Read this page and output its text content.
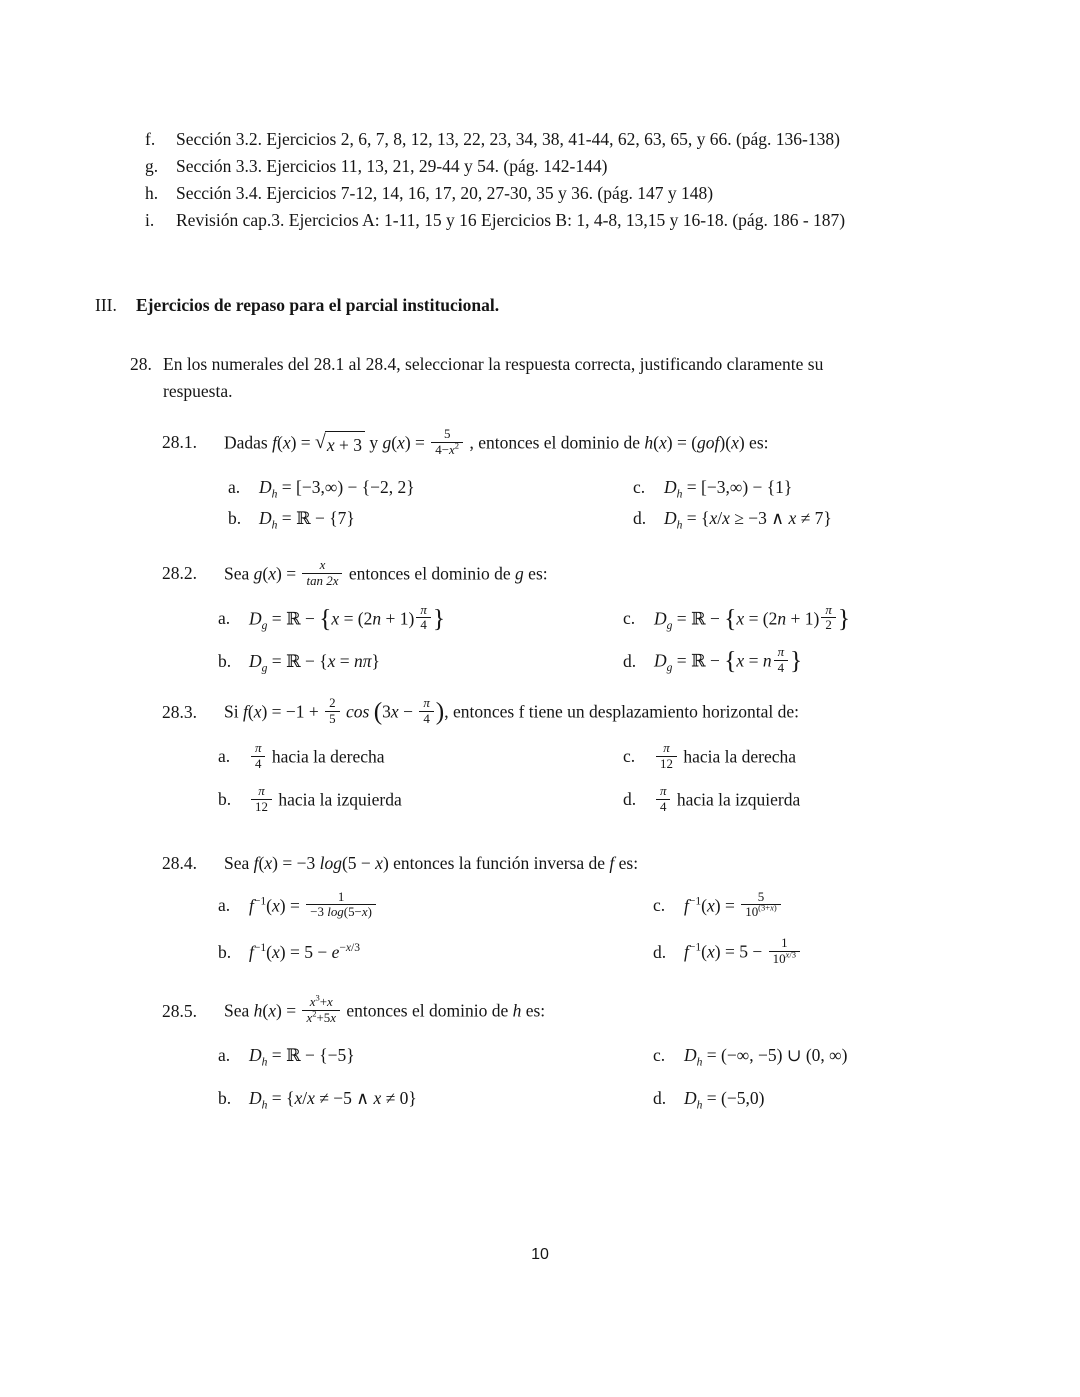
f.	Sección 3.2. Ejercicios 2, 6, 7, 8, 12, 13, 22, 23, 34, 38, 41-44, 62, 63, 65, y 66. (pág. 136-138)
g.	Sección 3.3. Ejercicios 11, 13, 21, 29-44 y 54. (pág. 142-144)
h.	Sección 3.4. Ejercicios 7-12, 14, 16, 17, 20, 27-30, 35 y 36. (pág. 147 y 148)
i.	Revisión cap.3. Ejercicios A: 1-11, 15 y 16 Ejercicios B: 1, 4-8, 13,15 y 16-18. (pág. 186 - 187)
III.	Ejercicios de repaso para el parcial institucional.
28. En los numerales del 28.1 al 28.4, seleccionar la respuesta correcta, justificando claramente su
respuesta.
28.1.	Dadas f(x) = √ x + 3 y $g(x) = \frac{5}{4-x^2}$ , entonces el dominio de h(x) = (gof)(x) es:
a.	$D_h = [-3,\infty) - \{-2$, 2}	c.	$D_h = [-3,\infty) - \{1\}$
b.	$D_h$ = ℝ − {7}	d.	$D_h = \{x/x \ge -3$ ∧ x ≠ 7}
28.2.	Sea $g(x) = \frac{x}{\tan 2x}$ entonces el dominio de g es:
a.	$D_g$ = ℝ − {$x = (2n + 1) \frac{\pi}{4}$ }	c.	$D_g$ = ℝ − {$x = (2n + 1) \frac{\pi}{2}$ }
b.	$D_g$ = ℝ − {x = nπ}	d.	$D_g$ = ℝ − {x = n $\frac{\pi}{4}$ }
28.3.	Si $f(x) = -1 + \frac{2}{5}$ $\cos (3x - \frac{\pi}{4}$ ), entonces f tiene un desplazamiento horizontal de:
a.	$\frac{\pi}{4}$ hacia la derecha	c.	$\frac{\pi}{12}$ hacia la derecha
b.	$\frac{\pi}{12}$ hacia la izquierda	d.	$\frac{\pi}{4}$ hacia la izquierda
28.4.	Sea f(x) = −3 log(5 − x) entonces la función inversa de f es:
a.	$f^{-1}(x) = \frac{1}{-3 \log(5-x)}$	c.	$f^{-1}(x) = \frac{5}{10^{(3+x)}}$
b.	$f^{-1}(x) = 5 - e^{-x/3}$	d.	$f^{-1}(x) = 5 - \frac{1}{10^{x/3}}$
28.5.	Sea $h(x) = \frac{x^3+x}{x^2+5x}$ entonces el dominio de h es:
a.	$D_h$ = ℝ − {−5}	c.	$D_h$ = (−∞, −5) ∪ (0, ∞)
b.	$D_h = \{x/x \ne -5$ ∧ x ≠ 0}	d.	$D_h = (-5,0)$
10
